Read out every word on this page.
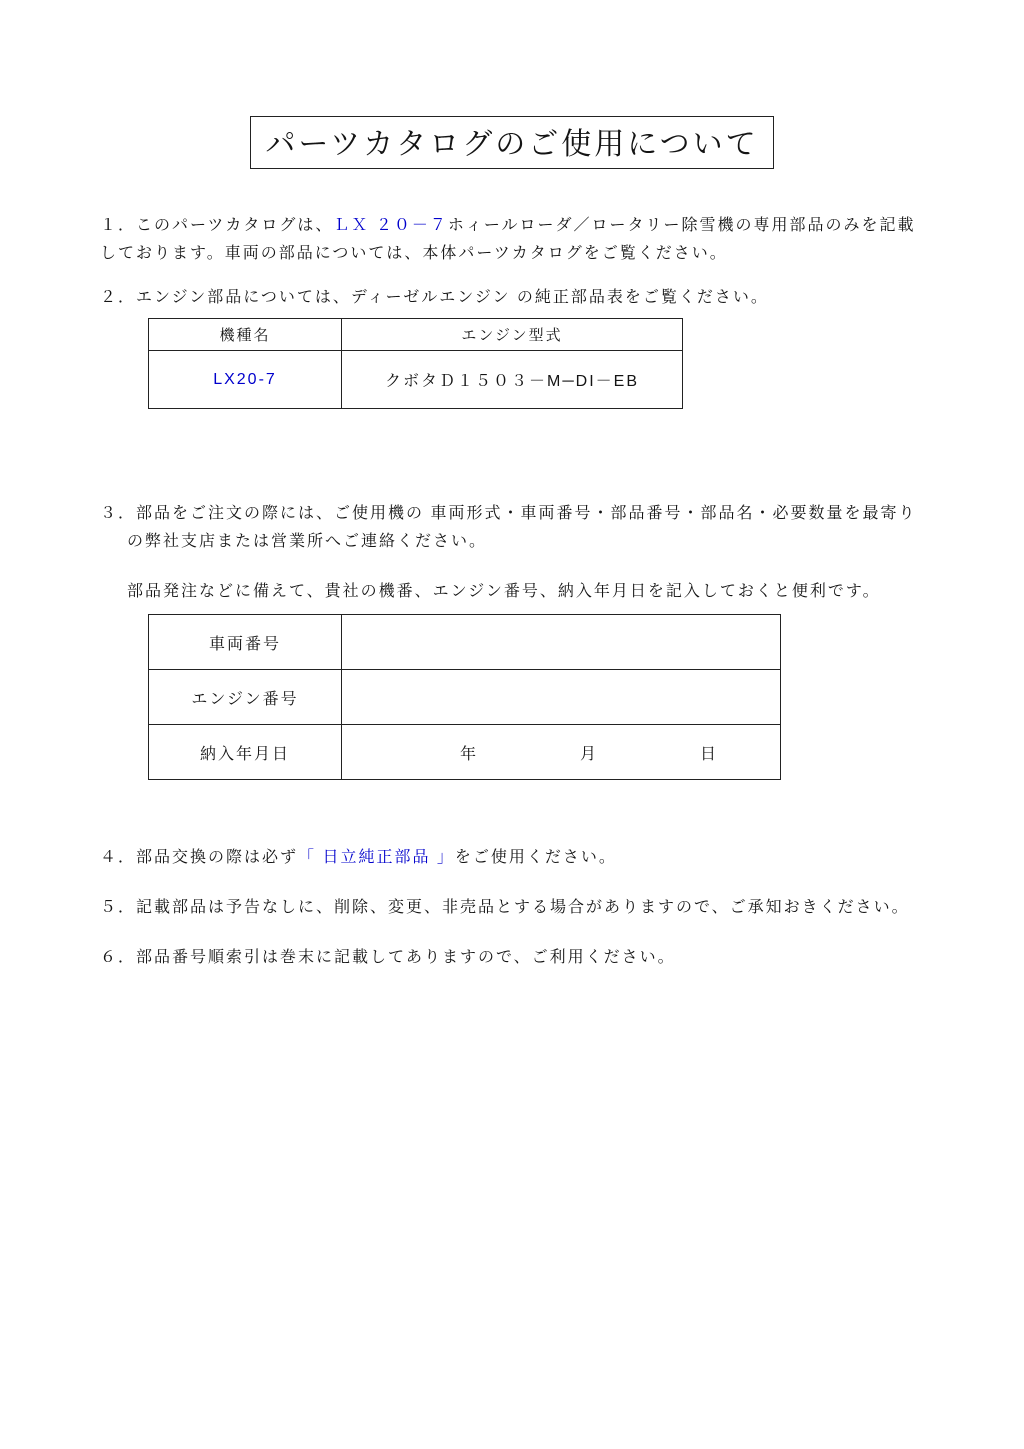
パーツカタログのご使用について

１．このパーツカタログは、ＬＸ ２０－７ホィールローダ／ロータリー除雪機の専用部品のみを記載
しております。車両の部品については、本体パーツカタログをご覧ください。

２．エンジン部品については、ディーゼルエンジン の純正部品表をご覧ください。

機種名	エンジン型式
LX20-7	クボタＤ１５０３－M─DI－EB

３．部品をご注文の際には、ご使用機の 車両形式・車両番号・部品番号・部品名・必要数量を最寄り
の弊社支店または営業所へご連絡ください。

部品発注などに備えて、貴社の機番、エンジン番号、納入年月日を記入しておくと便利です。

車両番号	
エンジン番号	
納入年月日	年 月 日

４．部品交換の際は必ず「 日立純正部品 」をご使用ください。

５．記載部品は予告なしに、削除、変更、非売品とする場合がありますので、ご承知おきください。

６．部品番号順索引は巻末に記載してありますので、ご利用ください。
